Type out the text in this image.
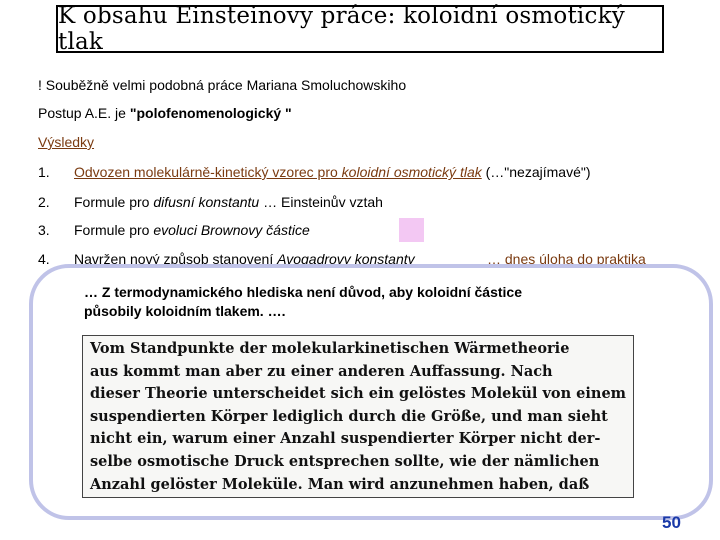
K obsahu Einsteinovy práce: koloidní osmotický tlak
! Souběžně velmi podobná práce Mariana Smoluchowskiho
Postup A.E. je "polofenomenologický "
Výsledky
1. Odvozen molekulárně-kinetický vzorec pro koloidní osmotický tlak (…"nezajímavé")
2. Formule pro difusní konstantu … Einsteinův vztah
3. Formule pro evoluci Brownovy částice
4. Navržen nový způsob stanovení Avogadrovy konstanty	… dnes úloha do praktika
… Z termodynamického hlediska není důvod, aby koloidní částice
působily koloidním tlakem. ….
Vom Standpunkte der molekularkinetischen Wärmetheorie
aus kommt man aber zu einer anderen Auffassung. Nach
dieser Theorie unterscheidet sich ein gelöstes Molekül von einem
suspendierten Körper lediglich durch die Größe, und man sieht
nicht ein, warum einer Anzahl suspendierter Körper nicht der-
selbe osmotische Druck entsprechen sollte, wie der nämlichen
Anzahl gelöster Moleküle. Man wird anzunehmen haben, daß
50
